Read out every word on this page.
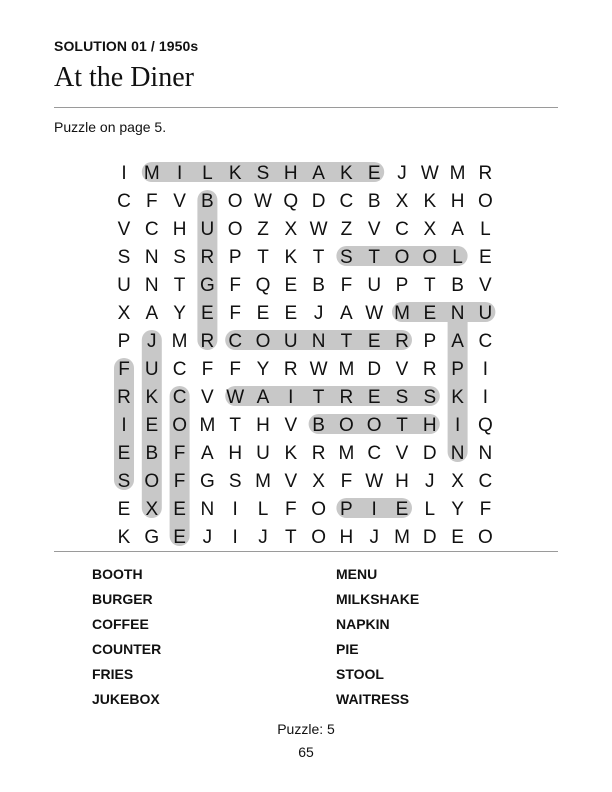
SOLUTION 01 / 1950s
At the Diner
Puzzle on page 5.
I M I L K S H A K E J W M R
C F V B O W Q D C B X K H O
V C H U O Z X W Z V C X A L
S N S R P T K T S T O O L E
U N T G F Q E B F U P T B V
X A Y E F E E J A W M E N U
P J M R C O U N T E R P A C
F U C F F Y R W M D V R P I
R K C V W A I T R E S S K I
I E O M T H V B O O T H I Q
E B F A H U K R M C V D N N
S O F G S M V X F W H J X C
E X E N I L F O P I E L Y F
K G E J I J T O H J M D E O
BOOTH
BURGER
COFFEE
COUNTER
FRIES
JUKEBOX
MENU
MILKSHAKE
NAPKIN
PIE
STOOL
WAITRESS
Puzzle: 5
65
